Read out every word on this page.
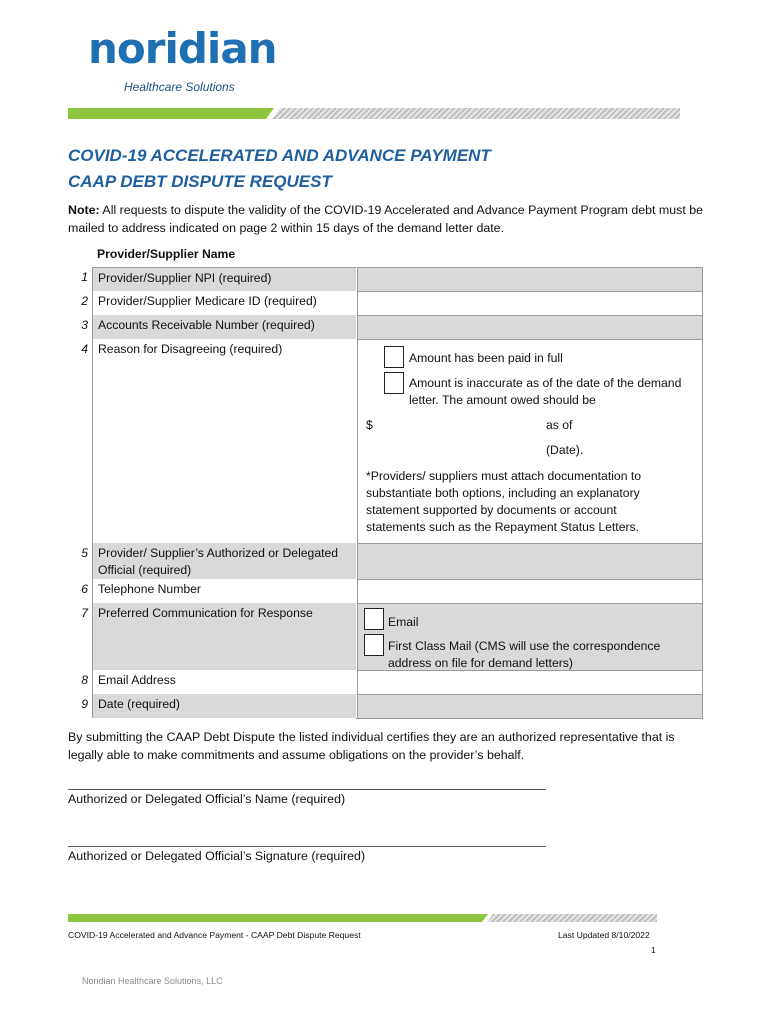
noridian
Healthcare Solutions
COVID-19 ACCELERATED AND ADVANCE PAYMENT
CAAP DEBT DISPUTE REQUEST
Note: All requests to dispute the validity of the COVID-19 Accelerated and Advance Payment Program debt must be mailed to address indicated on page 2 within 15 days of the demand letter date.
Provider/Supplier Name
1 Provider/Supplier NPI (required)
2 Provider/Supplier Medicare ID (required)
3 Accounts Receivable Number (required)
4 Reason for Disagreeing (required)
Amount has been paid in full
Amount is inaccurate as of the date of the demand letter. The amount owed should be
$	as of
(Date).
*Providers/ suppliers must attach documentation to substantiate both options, including an explanatory statement supported by documents or account statements such as the Repayment Status Letters.
5 Provider/ Supplier’s Authorized or Delegated Official (required)
6 Telephone Number
7 Preferred Communication for Response
Email
First Class Mail (CMS will use the correspondence address on file for demand letters)
8 Email Address
9 Date (required)
By submitting the CAAP Debt Dispute the listed individual certifies they are an authorized representative that is legally able to make commitments and assume obligations on the provider’s behalf.
Authorized or Delegated Official’s Name (required)
Authorized or Delegated Official’s Signature (required)
COVID-19 Accelerated and Advance Payment - CAAP Debt Dispute Request	Last Updated 8/10/2022
1
Noridian Healthcare Solutions, LLC
